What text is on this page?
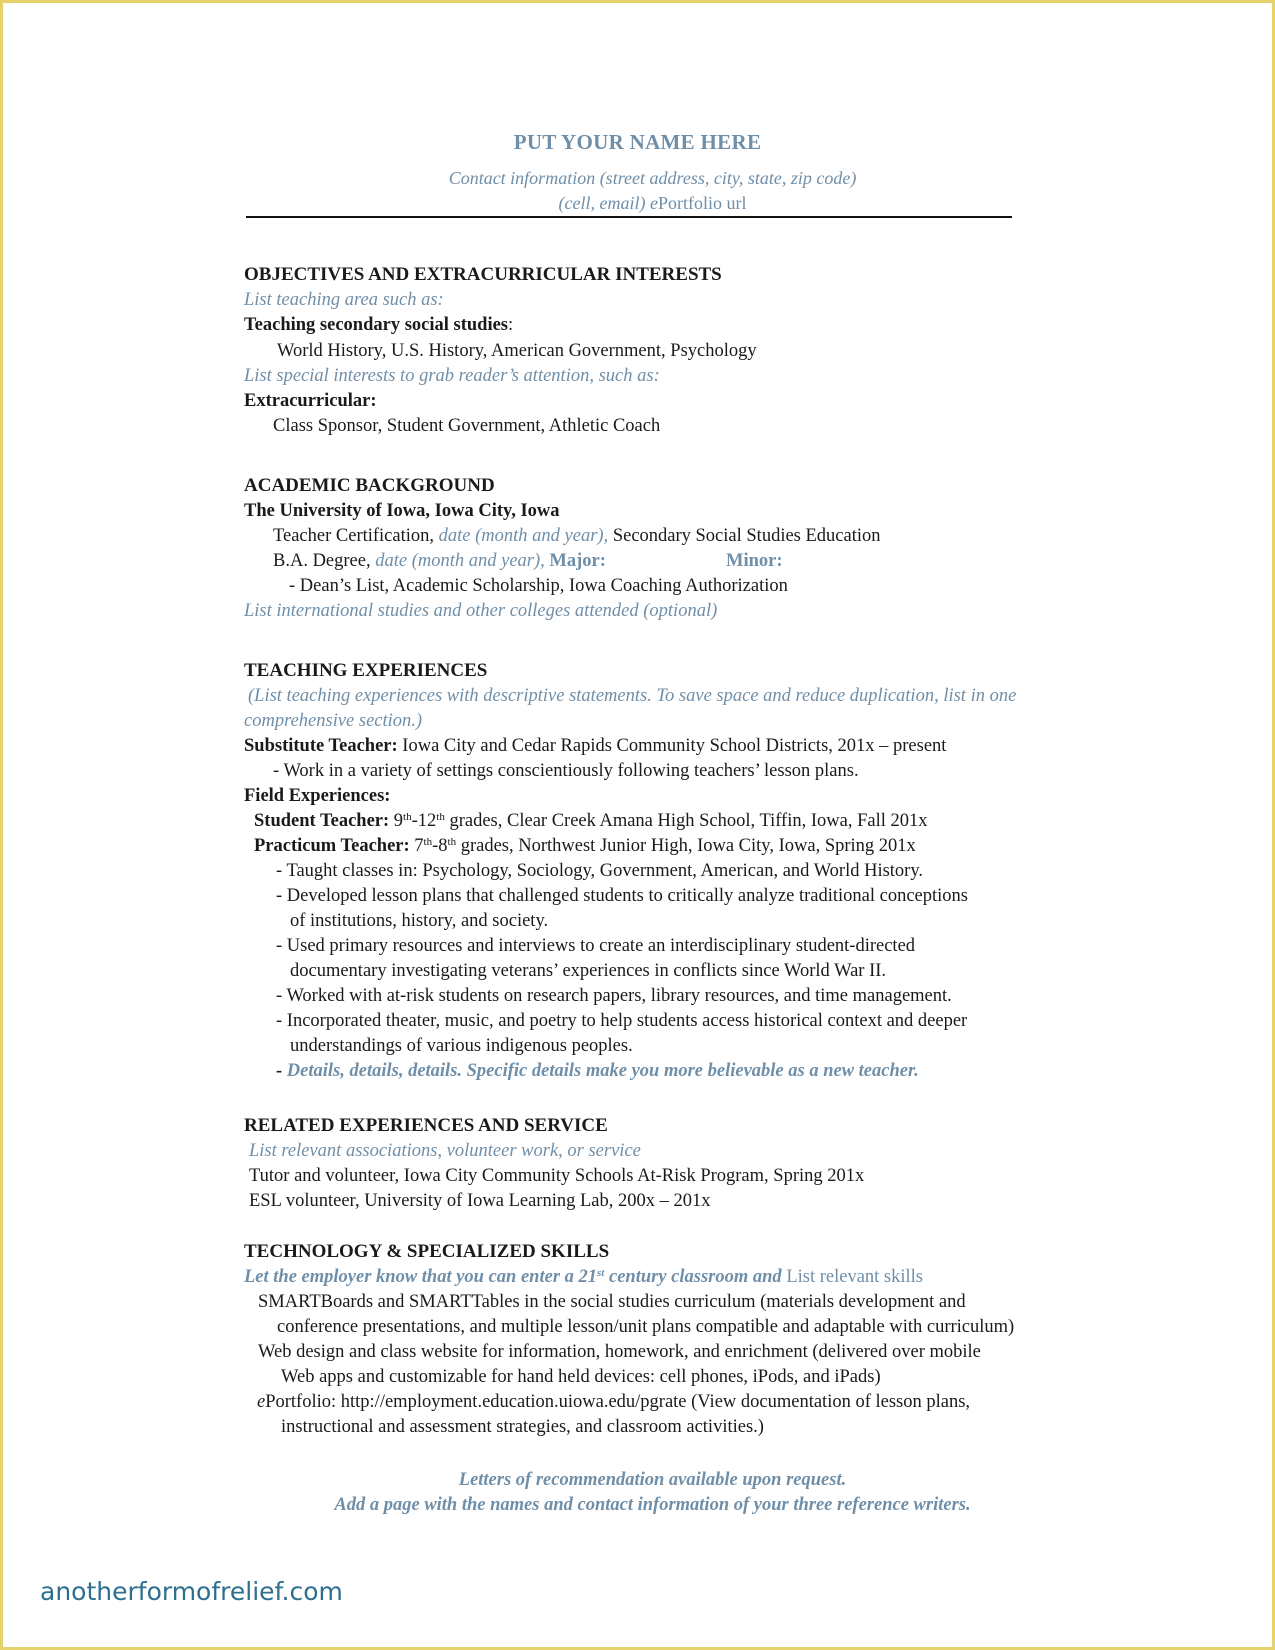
PUT YOUR NAME HERE
Contact information (street address, city, state, zip code)
(cell, email) ePortfolio url
OBJECTIVES AND EXTRACURRICULAR INTERESTS
List teaching area such as:
Teaching secondary social studies:
World History, U.S. History, American Government, Psychology
List special interests to grab reader’s attention, such as:
Extracurricular:
Class Sponsor, Student Government, Athletic Coach
ACADEMIC BACKGROUND
The University of Iowa, Iowa City, Iowa
Teacher Certification, date (month and year), Secondary Social Studies Education
B.A. Degree, date (month and year), Major:	Minor:
- Dean’s List, Academic Scholarship, Iowa Coaching Authorization
List international studies and other colleges attended (optional)
TEACHING EXPERIENCES
(List teaching experiences with descriptive statements. To save space and reduce duplication, list in one
comprehensive section.)
Substitute Teacher: Iowa City and Cedar Rapids Community School Districts, 201x – present
- Work in a variety of settings conscientiously following teachers’ lesson plans.
Field Experiences:
Student Teacher: 9th-12th grades, Clear Creek Amana High School, Tiffin, Iowa, Fall 201x
Practicum Teacher: 7th-8th grades, Northwest Junior High, Iowa City, Iowa, Spring 201x
- Taught classes in: Psychology, Sociology, Government, American, and World History.
- Developed lesson plans that challenged students to critically analyze traditional conceptions
of institutions, history, and society.
- Used primary resources and interviews to create an interdisciplinary student-directed
documentary investigating veterans’ experiences in conflicts since World War II.
- Worked with at-risk students on research papers, library resources, and time management.
- Incorporated theater, music, and poetry to help students access historical context and deeper
understandings of various indigenous peoples.
- Details, details, details. Specific details make you more believable as a new teacher.
RELATED EXPERIENCES AND SERVICE
List relevant associations, volunteer work, or service
Tutor and volunteer, Iowa City Community Schools At-Risk Program, Spring 201x
ESL volunteer, University of Iowa Learning Lab, 200x – 201x
TECHNOLOGY & SPECIALIZED SKILLS
Let the employer know that you can enter a 21st century classroom and List relevant skills
SMARTBoards and SMARTTables in the social studies curriculum (materials development and
conference presentations, and multiple lesson/unit plans compatible and adaptable with curriculum)
Web design and class website for information, homework, and enrichment (delivered over mobile
Web apps and customizable for hand held devices: cell phones, iPods, and iPads)
ePortfolio: http://employment.education.uiowa.edu/pgrate (View documentation of lesson plans,
instructional and assessment strategies, and classroom activities.)
Letters of recommendation available upon request.
Add a page with the names and contact information of your three reference writers.
anotherformofrelief.com
